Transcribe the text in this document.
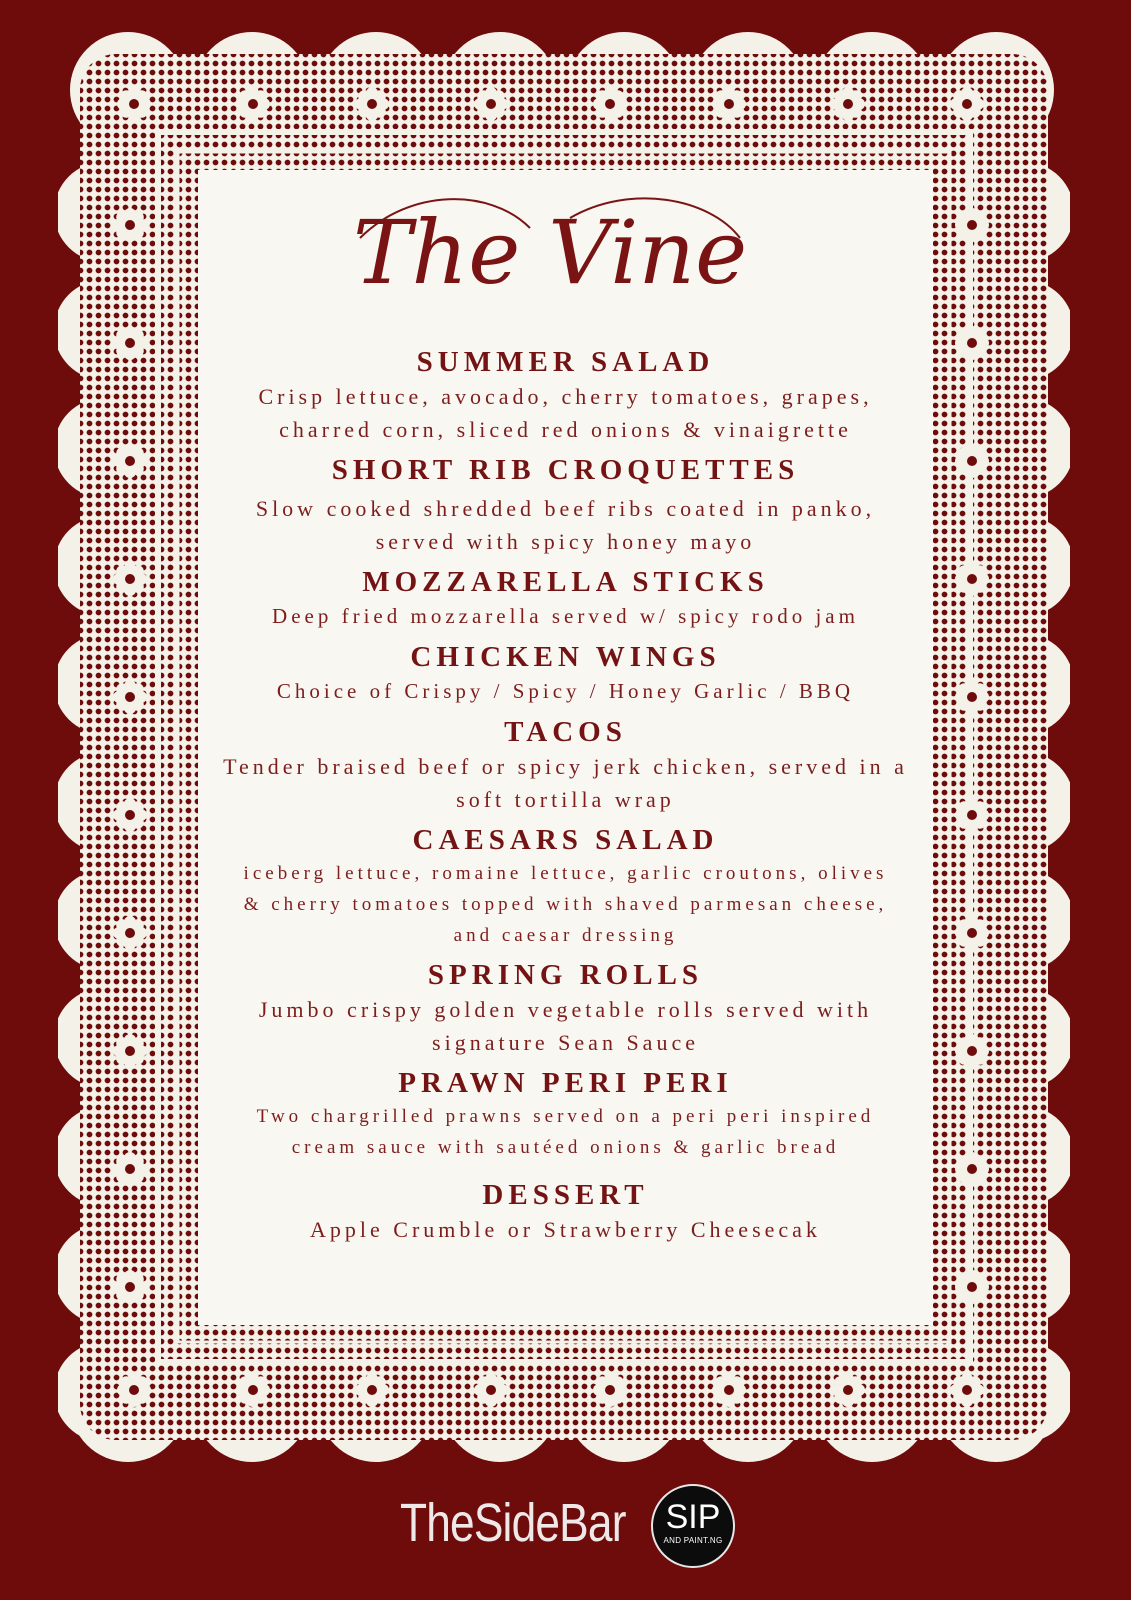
The Vine
SUMMER SALAD

Crisp lettuce, avocado, cherry tomatoes, grapes, charred corn, sliced red onions & vinaigrette

SHORT RIB CROQUETTES

Slow cooked shredded beef ribs coated in panko, served with spicy honey mayo

MOZZARELLA STICKS

Deep fried mozzarella served w/ spicy rodo jam

CHICKEN WINGS

Choice of Crispy / Spicy / Honey Garlic / BBQ

TACOS

Tender braised beef or spicy jerk chicken, served in a soft tortilla wrap

CAESARS SALAD

iceberg lettuce, romaine lettuce, garlic croutons, olives & cherry tomatoes topped with shaved parmesan cheese, and caesar dressing

SPRING ROLLS

Jumbo crispy golden vegetable rolls served with signature Sean Sauce

PRAWN PERI PERI

Two chargrilled prawns served on a peri peri inspired cream sauce with sautéed onions & garlic bread

DESSERT

Apple Crumble or Strawberry Cheesecak

TheSideBar	SIP
AND PAINT.NG
